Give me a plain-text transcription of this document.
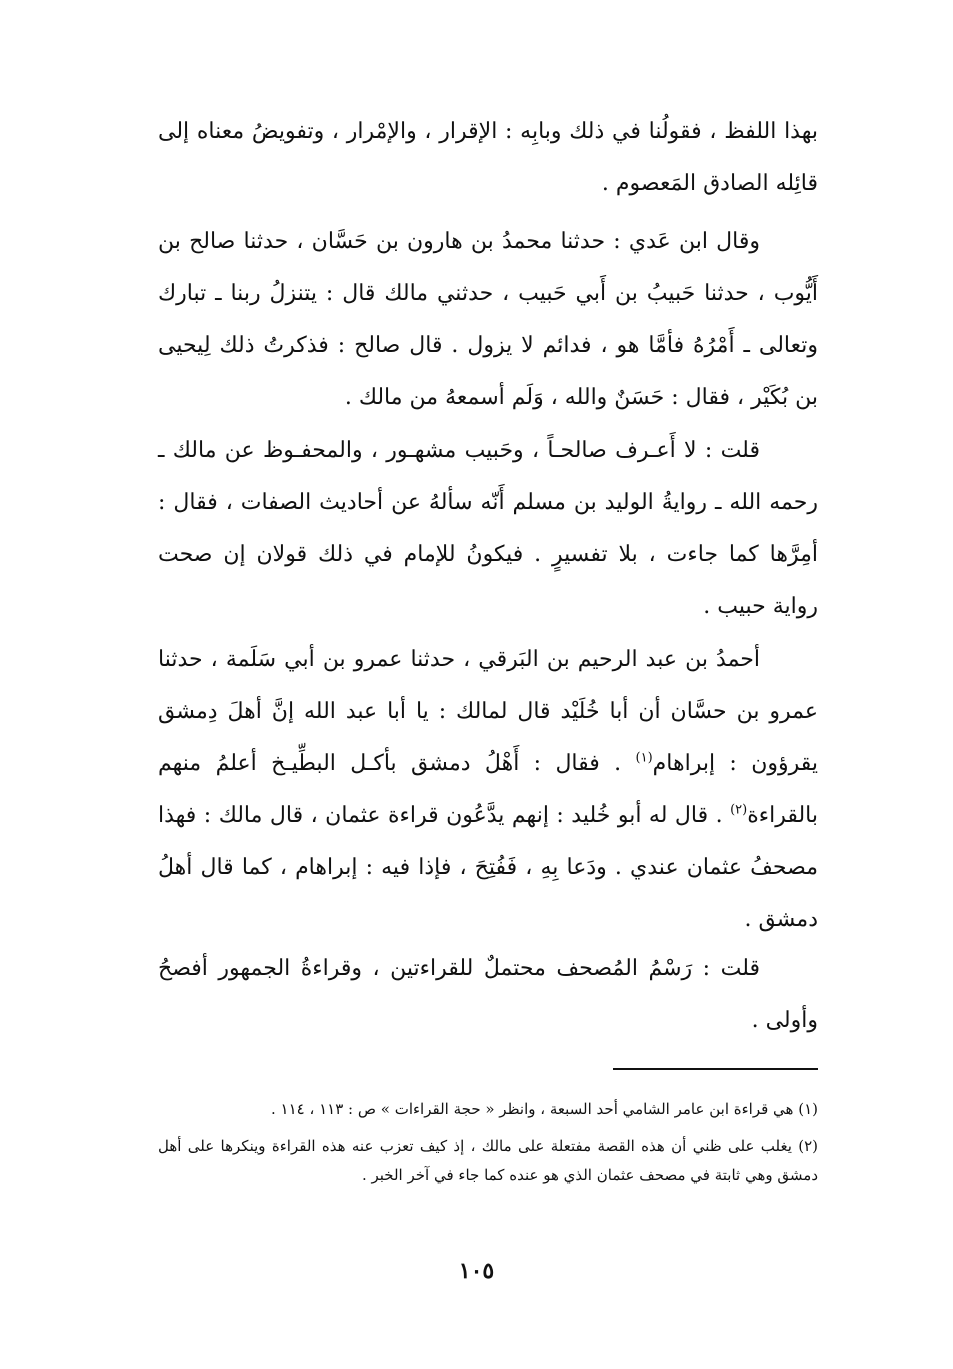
بهذا اللفظ ، فقولُنا في ذلك وبابِه : الإقرار ، والإمْرار ، وتفويضُ معناه إلى قائِله الصادق المَعصوم .

وقال ابن عَدي : حدثنا محمدُ بن هارون بن حَسَّان ، حدثنا صالح بن أَيُّوب ، حدثنا حَبيبُ بن أَبي حَبيب ، حدثني مالك قال : يتنزلُ ربنا ـ تبارك وتعالى ـ أَمْرُهُ فأمَّا هو ، فدائم لا يزول . قال صالح : فذكرتُ ذلك لِيحيى بن بُكَيْر ، فقال : حَسَنٌ والله ، وَلَم أسمعهُ من مالك .

قلت : لا أَعـرف صالحـاً ، وحَبيب مشهـور ، والمحفـوظ عن مالك ـ رحمه الله ـ روايةُ الوليد بن مسلم أَنّه سألهُ عن أحاديث الصفات ، فقال : أمِرَّها كما جاءت ، بلا تفسيرٍ . فيكونُ للإمام في ذلك قولان إن صحت رواية حبيب .

أحمدُ بن عبد الرحيم بن البَرقي ، حدثنا عمرو بن أبي سَلَمة ، حدثنا عمرو بن حسَّان أن أبا خُلَيْد قال لمالك : يا أبا عبد الله إنَّ أهلَ دِمشق يقرؤون : إبراهام$^{(١)}$ . فقال : أَهْلُ دمشق بأكـل البطِّيـخ أعلمُ منهم بالقراءة$^{(٢)}$ . قال له أبو خُليد : إنهم يدَّعُون قراءة عثمان ، قال مالك : فهذا مصحفُ عثمان عندي . ودَعا بِهِ ، فَفُتِحَ ، فإذا فيه : إبراهام ، كما قال أهلُ دمشق .

قلت : رَسْمُ المُصحف محتملٌ للقراءتين ، وقراءةُ الجمهور أفصحُ وأولى .

(١) هي قراءة ابن عامر الشامي أحد السبعة ، وانظر « حجة القراءات » ص : ١١٣ ، ١١٤ .

(٢) يغلب على ظني أن هذه القصة مفتعلة على مالك ، إذ كيف تعزب عنه هذه القراءة وينكرها على أهل دمشق وهي ثابتة في مصحف عثمان الذي هو عنده كما جاء في آخر الخبر .

١٠٥
